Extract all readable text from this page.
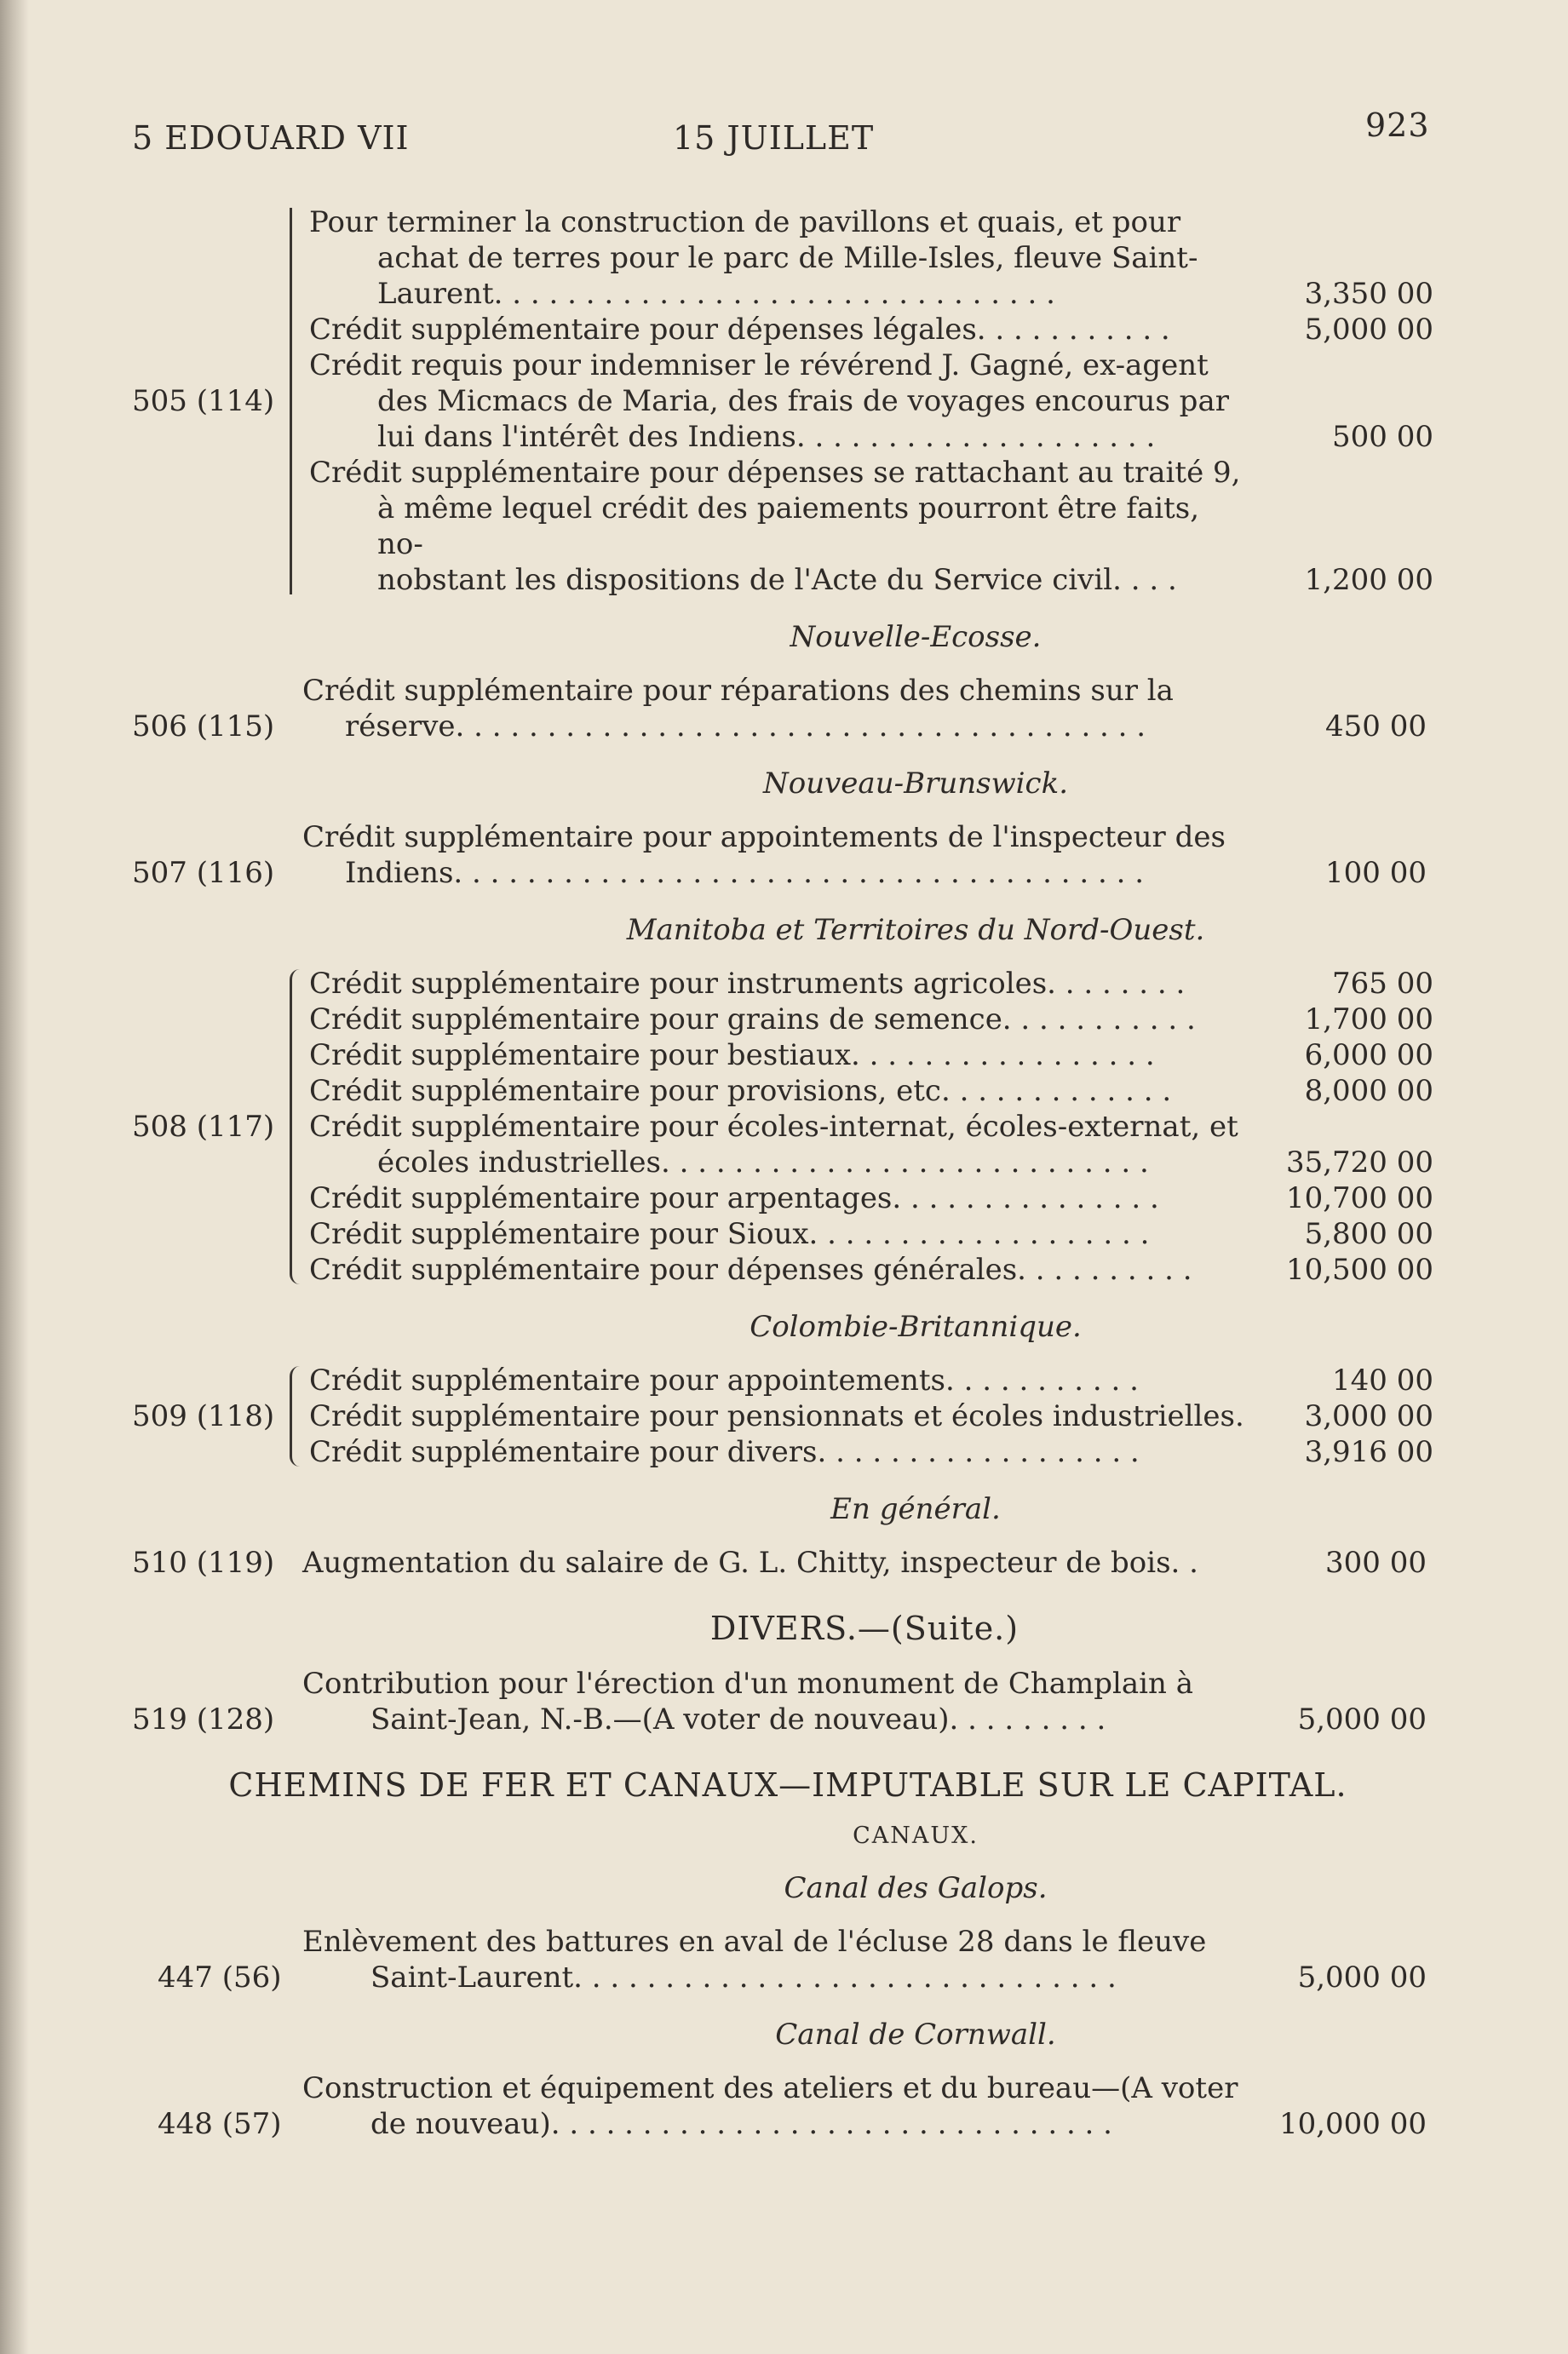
5 EDOUARD VII	15 JUILLET	923
505 (114)
Pour terminer la construction de pavillons et quais, et pour
achat de terres pour le parc de Mille-Isles, fleuve Saint-
Laurent. . . . . . . . . . . . . . . . . . . . . . . . . . . . . . .	3,350 00
Crédit supplémentaire pour dépenses légales. . . . . . . . . . .	5,000 00
Crédit requis pour indemniser le révérend J. Gagné, ex-agent
des Micmacs de Maria, des frais de voyages encourus par
lui dans l'intérêt des Indiens. . . . . . . . . . . . . . . . . . . .	500 00
Crédit supplémentaire pour dépenses se rattachant au traité 9,
à même lequel crédit des paiements pourront être faits, no-
nobstant les dispositions de l'Acte du Service civil. . . .	1,200 00
Nouvelle-Ecosse.
506 (115)
Crédit supplémentaire pour réparations des chemins sur la
réserve. . . . . . . . . . . . . . . . . . . . . . . . . . . . . . . . . . . . . .	450 00
Nouveau-Brunswick.
507 (116)
Crédit supplémentaire pour appointements de l'inspecteur des
Indiens. . . . . . . . . . . . . . . . . . . . . . . . . . . . . . . . . . . . . .	100 00
Manitoba et Territoires du Nord-Ouest.
508 (117)
Crédit supplémentaire pour instruments agricoles. . . . . . . .	765 00
Crédit supplémentaire pour grains de semence. . . . . . . . . . .	1,700 00
Crédit supplémentaire pour bestiaux. . . . . . . . . . . . . . . . .	6,000 00
Crédit supplémentaire pour provisions, etc. . . . . . . . . . . . .	8,000 00
Crédit supplémentaire pour écoles-internat, écoles-externat, et
écoles industrielles. . . . . . . . . . . . . . . . . . . . . . . . . . .	35,720 00
Crédit supplémentaire pour arpentages. . . . . . . . . . . . . . .	10,700 00
Crédit supplémentaire pour Sioux. . . . . . . . . . . . . . . . . . .	5,800 00
Crédit supplémentaire pour dépenses générales. . . . . . . . . .	10,500 00
Colombie-Britannique.
509 (118)
Crédit supplémentaire pour appointements. . . . . . . . . . .	140 00
Crédit supplémentaire pour pensionnats et écoles industrielles.	3,000 00
Crédit supplémentaire pour divers. . . . . . . . . . . . . . . . . .	3,916 00
En général.
510 (119) Augmentation du salaire de G. L. Chitty, inspecteur de bois. .	300 00
DIVERS.—(Suite.)
519 (128)
Contribution pour l'érection d'un monument de Champlain à
Saint-Jean, N.-B.—(A voter de nouveau). . . . . . . . .	5,000 00
CHEMINS DE FER ET CANAUX—IMPUTABLE SUR LE CAPITAL.
CANAUX.
Canal des Galops.
447 (56)
Enlèvement des battures en aval de l'écluse 28 dans le fleuve
Saint-Laurent. . . . . . . . . . . . . . . . . . . . . . . . . . . . . .	5,000 00
Canal de Cornwall.
448 (57)
Construction et équipement des ateliers et du bureau—(A voter
de nouveau). . . . . . . . . . . . . . . . . . . . . . . . . . . . . . .	10,000 00
